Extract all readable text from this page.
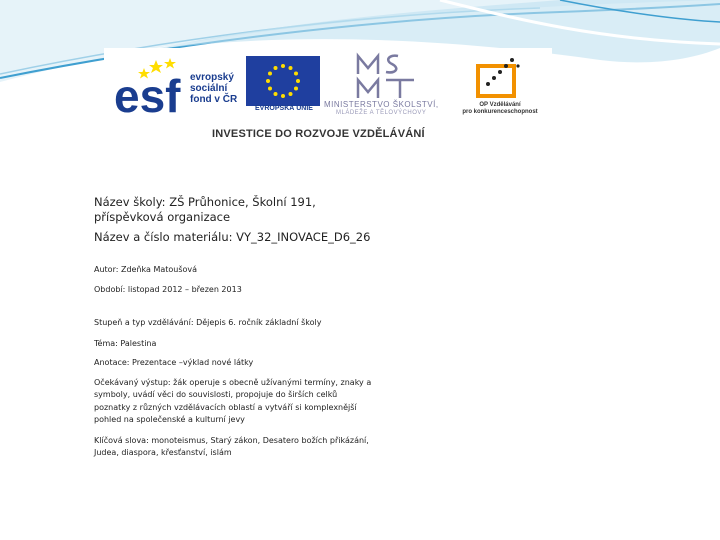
esf evropský
sociální
fond v ČR
EVROPSKÁ UNIE	MINISTERSTVO ŠKOLSTVÍ,
MLÁDEŽE A TĚLOVÝCHOVY
OP Vzdělávání
pro konkurenceschopnost
INVESTICE DO ROZVOJE VZDĚLÁVÁNÍ

Název školy: ZŠ Průhonice, Školní 191,

příspěvková organizace

Název a číslo materiálu: VY_32_INOVACE_D6_26

Autor: Zdeňka Matoušová

Období: listopad 2012 – březen 2013

Stupeň a typ vzdělávání: Dějepis 6. ročník základní školy

Téma: Palestina

Anotace: Prezentace –výklad nové látky

Očekávaný výstup: žák operuje s obecně užívanými termíny, znaky a

symboly, uvádí věci do souvislosti, propojuje do širších celků

poznatky z různých vzdělávacích oblastí a vytváří si komplexnější

pohled na společenské a kulturní jevy

Klíčová slova: monoteismus, Starý zákon, Desatero božích přikázání,

Judea, diaspora, křesťanství, islám
